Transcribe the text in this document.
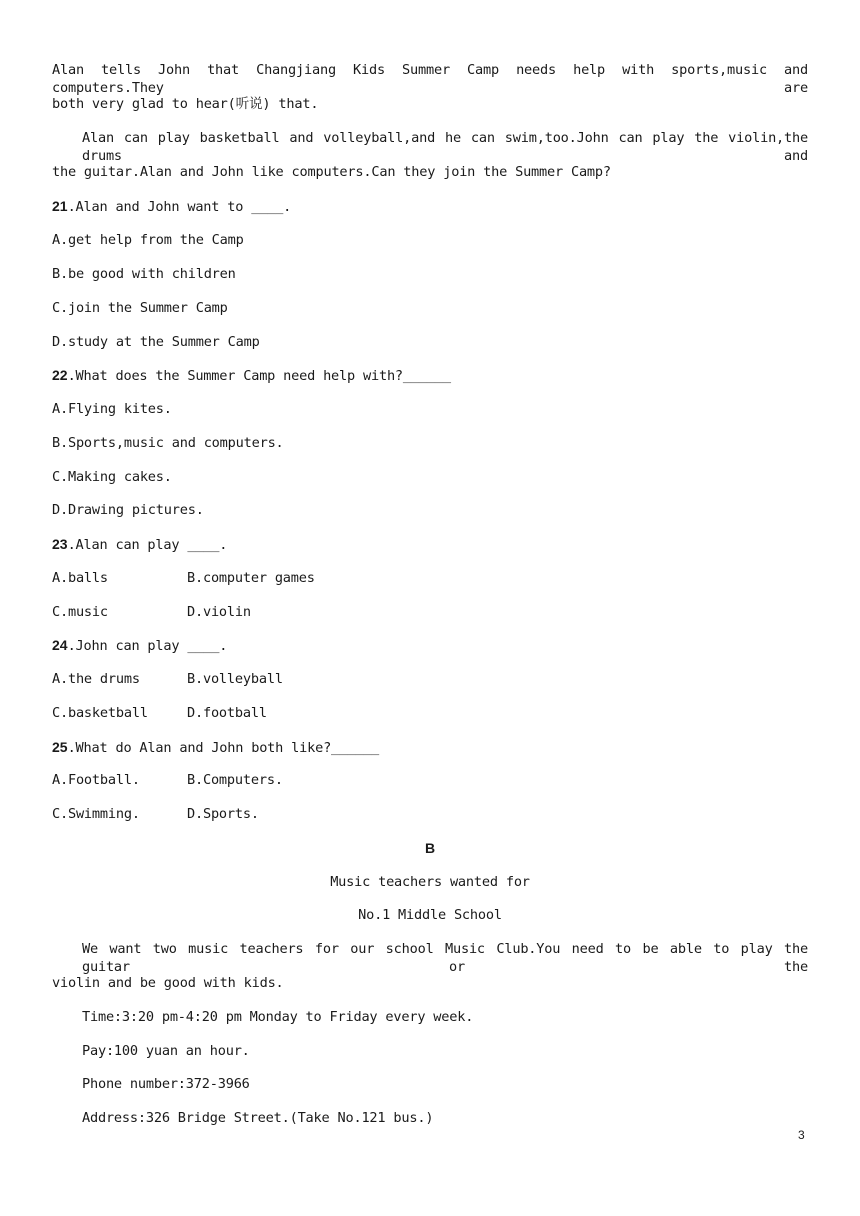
Alan tells John that Changjiang Kids Summer Camp needs help with sports,music and computers.They are
both very glad to hear(听说) that.
Alan can play basketball and volleyball,and he can swim,too.John can play the violin,the drums and
the guitar.Alan and John like computers.Can they join the Summer Camp?
21.Alan and John want to ____.
A.get help from the Camp
B.be good with children
C.join the Summer Camp
D.study at the Summer Camp
22.What does the Summer Camp need help with?______
A.Flying kites.
B.Sports,music and computers.
C.Making cakes.
D.Drawing pictures.
23.Alan can play ____.
A.balls	B.computer games
C.music	D.violin
24.John can play ____.
A.the drums	B.volleyball
C.basketball	D.football
25.What do Alan and John both like?______
A.Football.	B.Computers.
C.Swimming.	D.Sports.
B
Music teachers wanted for
No.1 Middle School
We want two music teachers for our school Music Club.You need to be able to play the guitar or the
violin and be good with kids.
Time:3:20 pm-4:20 pm Monday to Friday every week.
Pay:100 yuan an hour.
Phone number:372-3966
Address:326 Bridge Street.(Take No.121 bus.)
3
